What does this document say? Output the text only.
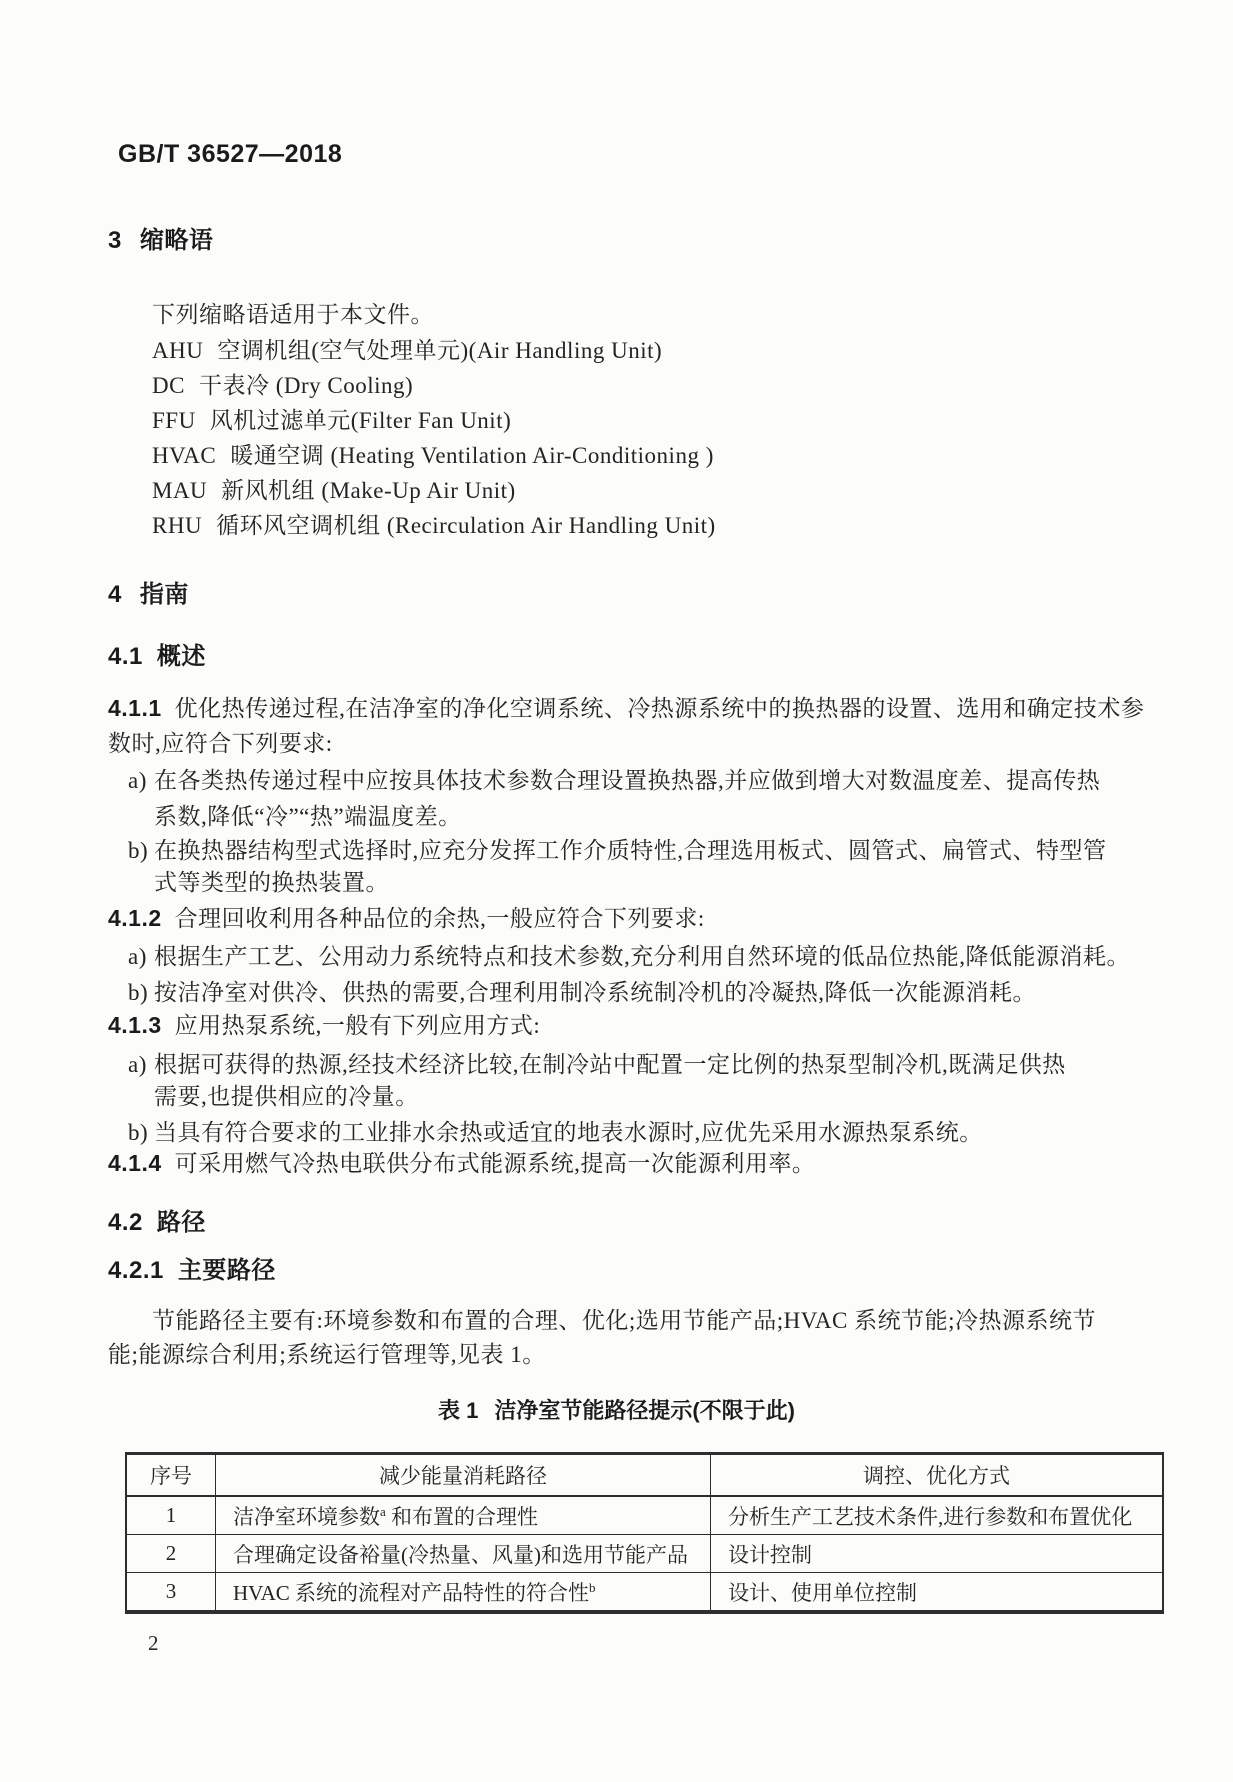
GB/T 36527—2018
3 缩略语
下列缩略语适用于本文件。
AHU 空调机组(空气处理单元)(Air Handling Unit)
DC 干表冷 (Dry Cooling)
FFU 风机过滤单元(Filter Fan Unit)
HVAC 暖通空调 (Heating Ventilation Air-Conditioning )
MAU 新风机组 (Make-Up Air Unit)
RHU 循环风空调机组 (Recirculation Air Handling Unit)
4 指南
4.1 概述
4.1.1 优化热传递过程,在洁净室的净化空调系统、冷热源系统中的换热器的设置、选用和确定技术参
数时,应符合下列要求:
a) 在各类热传递过程中应按具体技术参数合理设置换热器,并应做到增大对数温度差、提高传热
系数,降低“冷”“热”端温度差。
b) 在换热器结构型式选择时,应充分发挥工作介质特性,合理选用板式、圆管式、扁管式、特型管
式等类型的换热装置。
4.1.2 合理回收利用各种品位的余热,一般应符合下列要求:
a) 根据生产工艺、公用动力系统特点和技术参数,充分利用自然环境的低品位热能,降低能源消耗。
b) 按洁净室对供冷、供热的需要,合理利用制冷系统制冷机的冷凝热,降低一次能源消耗。
4.1.3 应用热泵系统,一般有下列应用方式:
a) 根据可获得的热源,经技术经济比较,在制冷站中配置一定比例的热泵型制冷机,既满足供热
需要,也提供相应的冷量。
b) 当具有符合要求的工业排水余热或适宜的地表水源时,应优先采用水源热泵系统。
4.1.4 可采用燃气冷热电联供分布式能源系统,提高一次能源利用率。
4.2 路径
4.2.1 主要路径
节能路径主要有:环境参数和布置的合理、优化;选用节能产品;HVAC 系统节能;冷热源系统节
能;能源综合利用;系统运行管理等,见表 1。
表 1 洁净室节能路径提示(不限于此)
序号	减少能量消耗路径	调控、优化方式
1	洁净室环境参数$^a$ 和布置的合理性	分析生产工艺技术条件,进行参数和布置优化
2	合理确定设备裕量(冷热量、风量)和选用节能产品	设计控制
3	HVAC 系统的流程对产品特性的符合性$^b$	设计、使用单位控制
2
